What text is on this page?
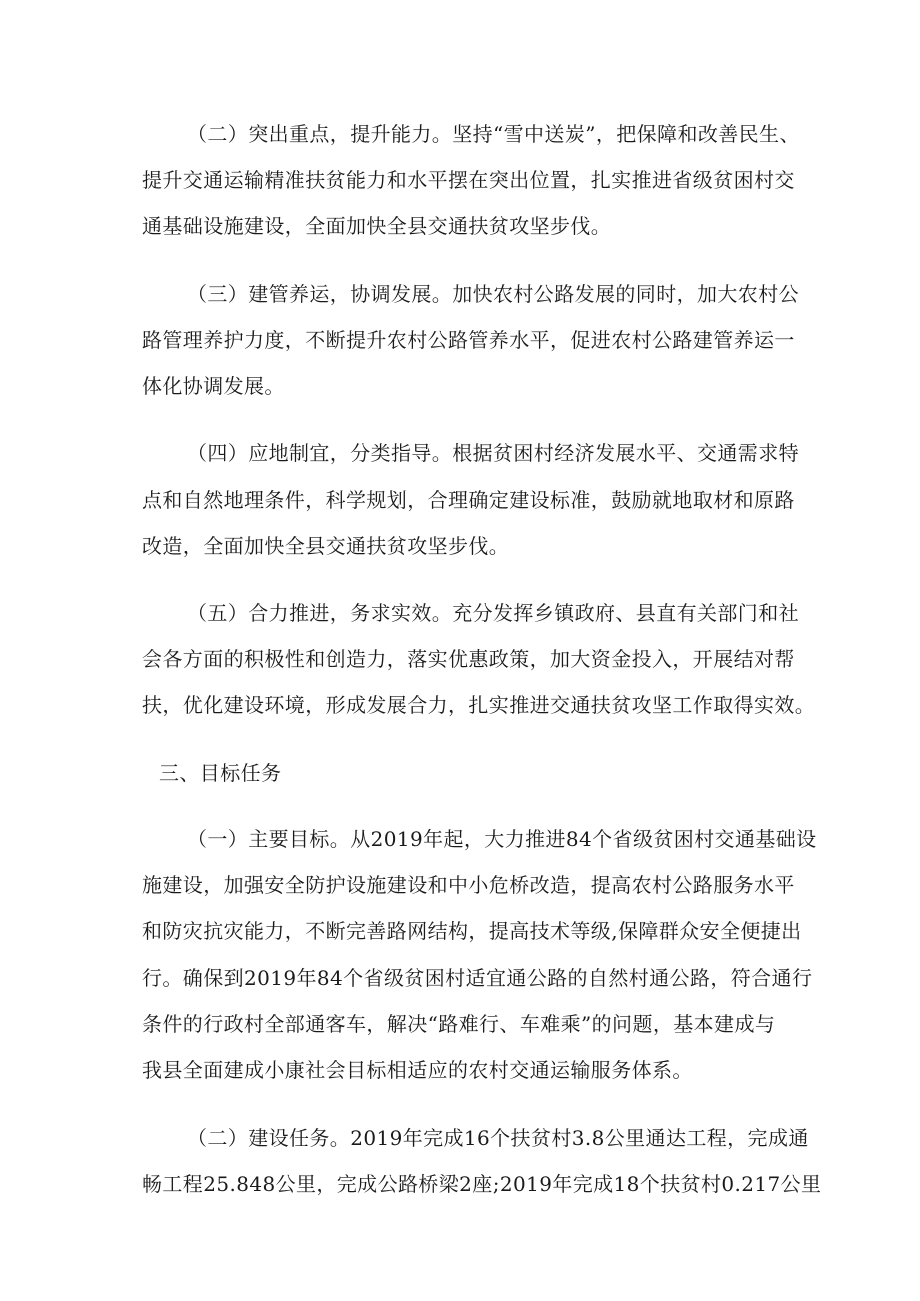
（二）突出重点，提升能力。坚持“雪中送炭”，把保障和改善民生、
提升交通运输精准扶贫能力和水平摆在突出位置，扎实推进省级贫困村交
通基础设施建设，全面加快全县交通扶贫攻坚步伐。
（三）建管养运，协调发展。加快农村公路发展的同时，加大农村公
路管理养护力度，不断提升农村公路管养水平，促进农村公路建管养运一
体化协调发展。
（四）应地制宜，分类指导。根据贫困村经济发展水平、交通需求特
点和自然地理条件，科学规划，合理确定建设标准，鼓励就地取材和原路
改造，全面加快全县交通扶贫攻坚步伐。
（五）合力推进，务求实效。充分发挥乡镇政府、县直有关部门和社
会各方面的积极性和创造力，落实优惠政策，加大资金投入，开展结对帮
扶，优化建设环境，形成发展合力，扎实推进交通扶贫攻坚工作取得实效。
三、目标任务
（一）主要目标。从2019年起，大力推进84个省级贫困村交通基础设
施建设，加强安全防护设施建设和中小危桥改造，提高农村公路服务水平
和防灾抗灾能力，不断完善路网结构，提高技术等级,保障群众安全便捷出
行。确保到2019年84个省级贫困村适宜通公路的自然村通公路，符合通行
条件的行政村全部通客车，解决“路难行、车难乘”的问题，基本建成与
我县全面建成小康社会目标相适应的农村交通运输服务体系。
（二）建设任务。2019年完成16个扶贫村3.8公里通达工程，完成通
畅工程25.848公里，完成公路桥梁2座;2019年完成18个扶贫村0.217公里
